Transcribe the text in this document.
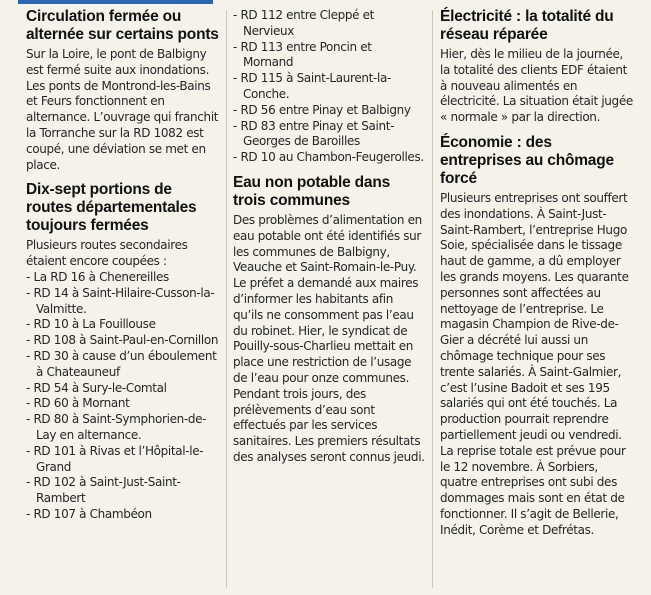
Circulation fermée ou alternée sur certains ponts

Sur la Loire, le pont de Balbigny est fermé suite aux inondations. Les ponts de Montrond-les-Bains et Feurs fonctionnent en alternance. L’ouvrage qui franchit la Torranche sur la RD 1082 est coupé, une déviation se met en place.

Dix-sept portions de routes départementales toujours fermées

Plusieurs routes secondaires étaient encore coupées :

- La RD 16 à Chenereilles
- RD 14 à Saint-Hilaire-Cusson-la-Valmitte.
- RD 10 à La Fouillouse
- RD 108 à Saint-Paul-en-Cornillon
- RD 30 à cause d’un éboulement à Chateauneuf
- RD 54 à Sury-le-Comtal
- RD 60 à Mornant
- RD 80 à Saint-Symphorien-de-Lay en alternance.
- RD 101 à Rivas et l’Hôpital-le-Grand
- RD 102 à Saint-Just-Saint-Rambert
- RD 107 à Chambéon
- RD 112 entre Cleppé et Nervieux
- RD 113 entre Poncin et Mornand
- RD 115 à Saint-Laurent-la-Conche.
- RD 56 entre Pinay et Balbigny
- RD 83 entre Pinay et Saint-Georges de Baroilles
- RD 10 au Chambon-Feugerolles.
Eau non potable dans trois communes

Des problèmes d’alimentation en eau potable ont été identifiés sur les communes de Balbigny, Veauche et Saint-Romain-le-Puy. Le préfet a demandé aux maires d’informer les habitants afin qu’ils ne consomment pas l’eau du robinet. Hier, le syndicat de Pouilly-sous-Charlieu mettait en place une restriction de l’usage de l’eau pour onze communes.

Pendant trois jours, des prélèvements d’eau sont effectués par les services sanitaires. Les premiers résultats des analyses seront connus jeudi.

Électricité : la totalité du réseau réparée

Hier, dès le milieu de la journée, la totalité des clients EDF étaient à nouveau alimentés en électricité. La situation était jugée « normale » par la direction.

Économie : des entreprises au chômage forcé

Plusieurs entreprises ont souffert des inondations. À Saint-Just-Saint-Rambert, l’entreprise Hugo Soie, spécialisée dans le tissage haut de gamme, a dû employer les grands moyens. Les quarante personnes sont affectées au nettoyage de l’entreprise. Le magasin Champion de Rive-de-Gier a décrété lui aussi un chômage technique pour ses trente salariés. À Saint-Galmier, c’est l’usine Badoit et ses 195 salariés qui ont été touchés. La production pourrait reprendre partiellement jeudi ou vendredi. La reprise totale est prévue pour le 12 novembre. À Sorbiers, quatre entreprises ont subi des dommages mais sont en état de fonctionner. Il s’agit de Bellerie, Inédit, Corème et Defrétas.
